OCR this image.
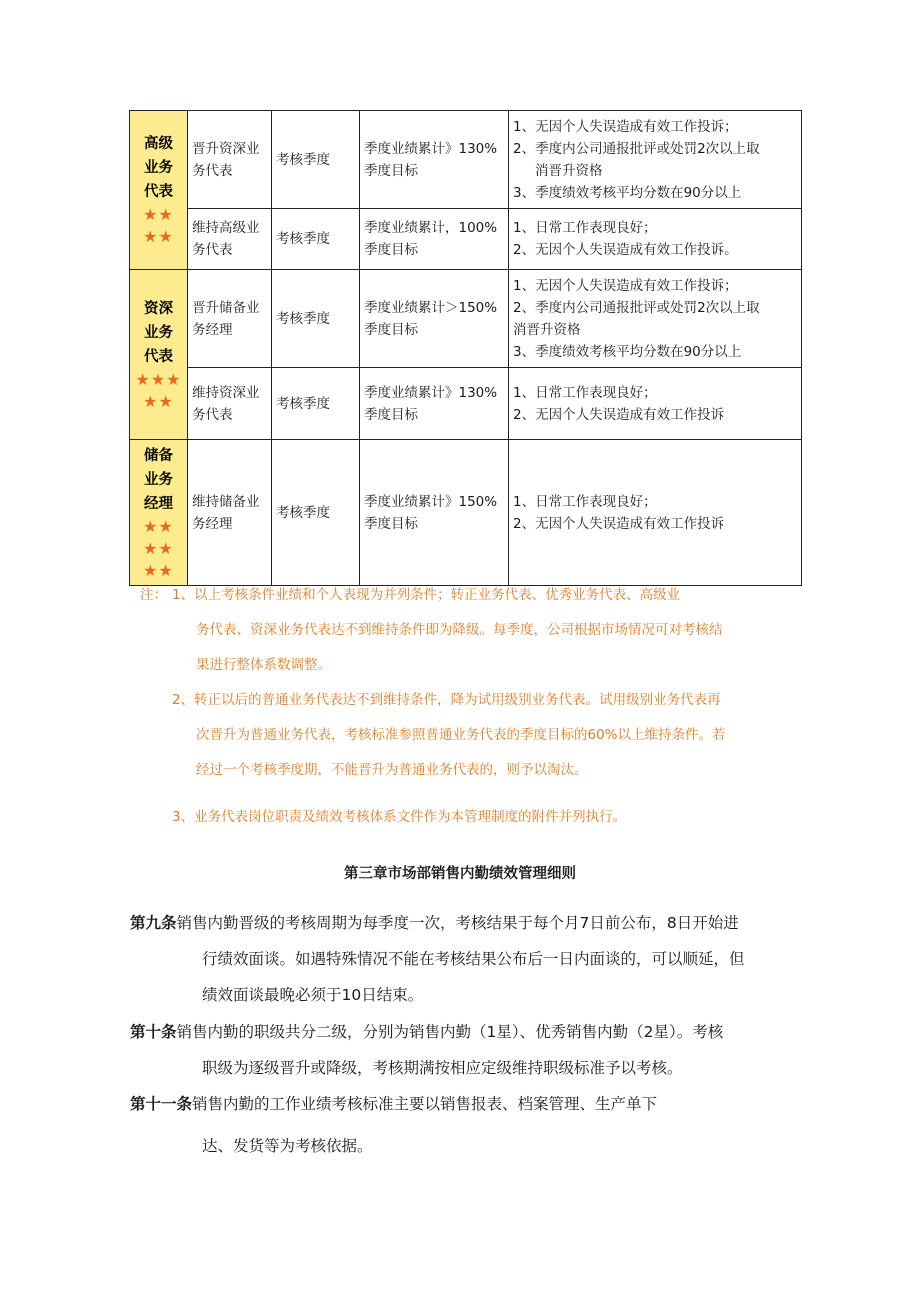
高级
业务
代表
★★
★★
资深
业务
代表
★★★
★★
储备
业务
经理
★★
★★
★★
晋升资深业务代表
考核季度
季度业绩累计》130%季度目标
1、无因个人失误造成有效工作投诉；
2、季度内公司通报批评或处罚2次以上取
消晋升资格
3、季度绩效考核平均分数在90分以上
维持高级业务代表
考核季度
季度业绩累计，100%季度目标
1、日常工作表现良好；
2、无因个人失误造成有效工作投诉。
晋升储备业务经理
考核季度
季度业绩累计＞150%季度目标
1、无因个人失误造成有效工作投诉；
2、季度内公司通报批评或处罚2次以上取
消晋升资格
3、季度绩效考核平均分数在90分以上
维持资深业务代表
考核季度
季度业绩累计》130%季度目标
1、日常工作表现良好；
2、无因个人失误造成有效工作投诉
维持储备业务经理
考核季度
季度业绩累计》150%季度目标
1、日常工作表现良好；
2、无因个人失误造成有效工作投诉
注： 1、以上考核条件业绩和个人表现为并列条件；转正业务代表、优秀业务代表、高级业
务代表、资深业务代表达不到维持条件即为降级。每季度，公司根据市场情况可对考核结
果进行整体系数调整。
2、转正以后的普通业务代表达不到维持条件，降为试用级别业务代表。试用级别业务代表再
次晋升为普通业务代表，考核标准参照普通业务代表的季度目标的60%以上维持条件。若
经过一个考核季度期，不能晋升为普通业务代表的，则予以淘汰。
3、业务代表岗位职责及绩效考核体系文件作为本管理制度的附件并列执行。
第三章市场部销售内勤绩效管理细则
第九条销售内勤晋级的考核周期为每季度一次，考核结果于每个月7日前公布，8日开始进
行绩效面谈。如遇特殊情况不能在考核结果公布后一日内面谈的，可以顺延，但
绩效面谈最晚必须于10日结束。
第十条销售内勤的职级共分二级，分别为销售内勤（1星）、优秀销售内勤（2星）。考核
职级为逐级晋升或降级，考核期满按相应定级维持职级标准予以考核。
第十一条销售内勤的工作业绩考核标准主要以销售报表、档案管理、生产单下
达、发货等为考核依据。
